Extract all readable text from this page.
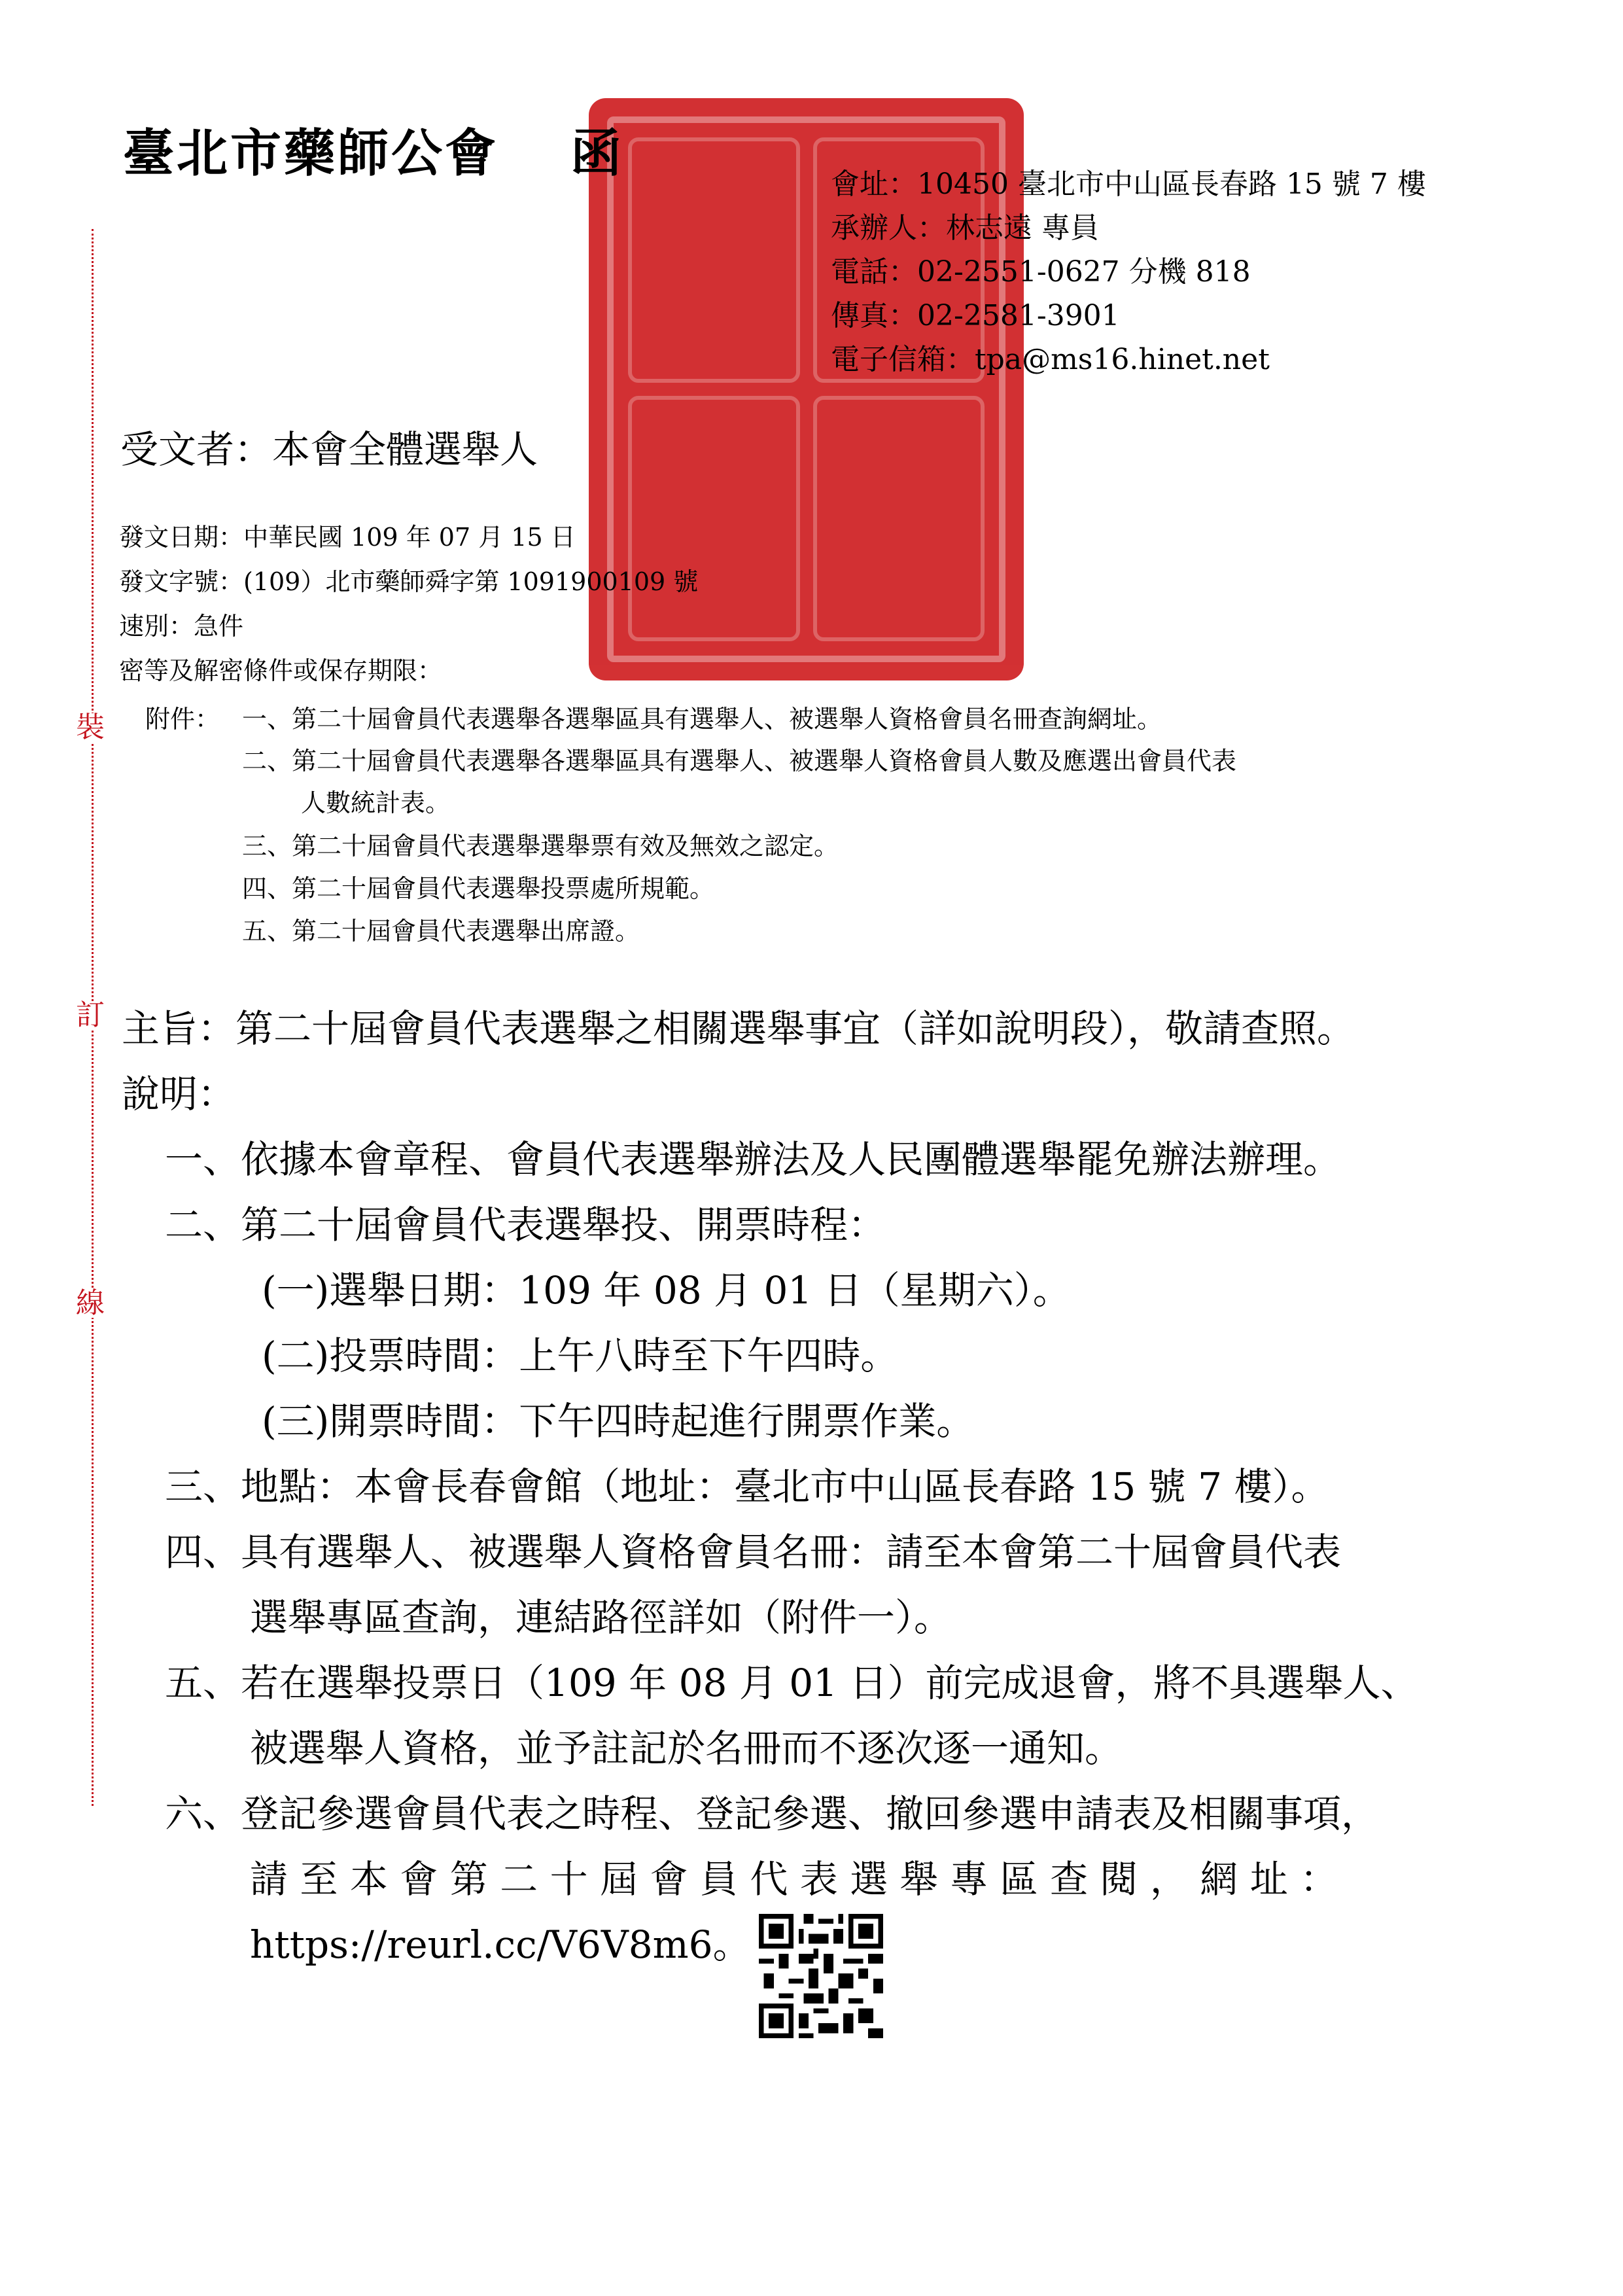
裝
訂
線
臺北市藥師公會 函
會址：10450 臺北市中山區長春路 15 號 7 樓
承辦人：林志遠 專員
電話：02-2551-0627 分機 818
傳真：02-2581-3901
電子信箱：tpa@ms16.hinet.net
受文者：本會全體選舉人
發文日期：中華民國 109 年 07 月 15 日
發文字號：(109）北市藥師舜字第 1091900109 號
速別：急件
密等及解密條件或保存期限：
附件： 一、第二十屆會員代表選舉各選舉區具有選舉人、被選舉人資格會員名冊查詢網址。
二、第二十屆會員代表選舉各選舉區具有選舉人、被選舉人資格會員人數及應選出會員代表
人數統計表。
三、第二十屆會員代表選舉選舉票有效及無效之認定。
四、第二十屆會員代表選舉投票處所規範。
五、第二十屆會員代表選舉出席證。
主旨：第二十屆會員代表選舉之相關選舉事宜（詳如說明段），敬請查照。
說明：
一、依據本會章程、會員代表選舉辦法及人民團體選舉罷免辦法辦理。
二、第二十屆會員代表選舉投、開票時程：
(一)選舉日期：109 年 08 月 01 日（星期六）。
(二)投票時間：上午八時至下午四時。
(三)開票時間：下午四時起進行開票作業。
三、地點：本會長春會館（地址：臺北市中山區長春路 15 號 7 樓）。
四、具有選舉人、被選舉人資格會員名冊：請至本會第二十屆會員代表
選舉專區查詢，連結路徑詳如（附件一）。
五、若在選舉投票日（109 年 08 月 01 日）前完成退會，將不具選舉人、
被選舉人資格，並予註記於名冊而不逐次逐一通知。
六、登記參選會員代表之時程、登記參選、撤回參選申請表及相關事項，
請 至 本 會 第 二 十 屆 會 員 代 表 選 舉 專 區 查 閱 ， 網 址 ：
https://reurl.cc/V6V8m6。
